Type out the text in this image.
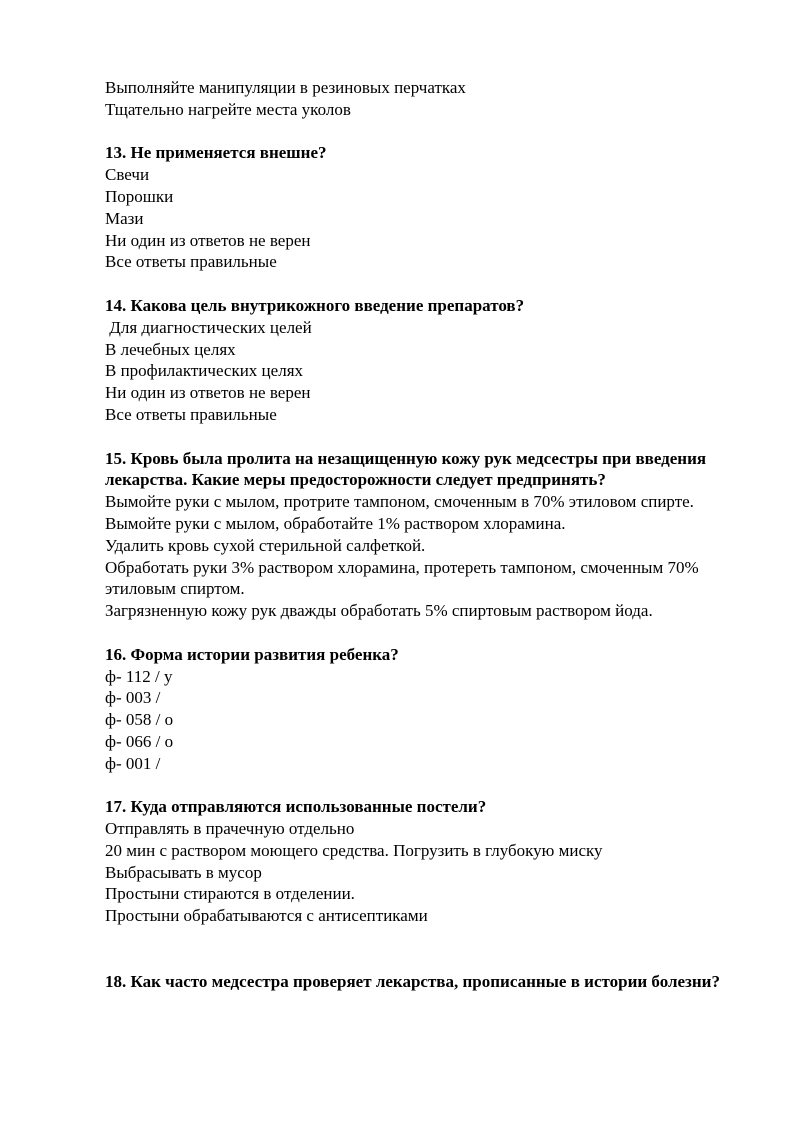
Выполняйте манипуляции в резиновых перчатках
Тщательно нагрейте места уколов
13. Не применяется внешне?
Свечи
Порошки
Мази
Ни один из ответов не верен
Все ответы правильные
14. Какова цель внутрикожного введение препаратов?
Для диагностических целей
В лечебных целях
В профилактических целях
Ни один из ответов не верен
Все ответы правильные
15. Кровь была пролита на незащищенную кожу рук медсестры при введения лекарства. Какие меры предосторожности следует предпринять?
Вымойте руки с мылом, протрите тампоном, смоченным в 70% этиловом спирте.
Вымойте руки с мылом, обработайте 1% раствором хлорамина.
Удалить кровь сухой стерильной салфеткой.
Обработать руки 3% раствором хлорамина, протереть тампоном, смоченным 70% этиловым спиртом.
Загрязненную кожу рук дважды обработать 5% спиртовым раствором йода.
16. Форма истории развития ребенка?
ф- 112 / у
ф- 003 /
ф- 058 / о
ф- 066 / о
ф- 001 /
17. Куда отправляются использованные постели?
Отправлять в прачечную отдельно
20 мин с раствором моющего средства. Погрузить в глубокую миску
Выбрасывать в мусор
Простыни стираются в отделении.
Простыни обрабатываются с антисептиками
18. Как часто медсестра проверяет лекарства, прописанные в истории болезни?
